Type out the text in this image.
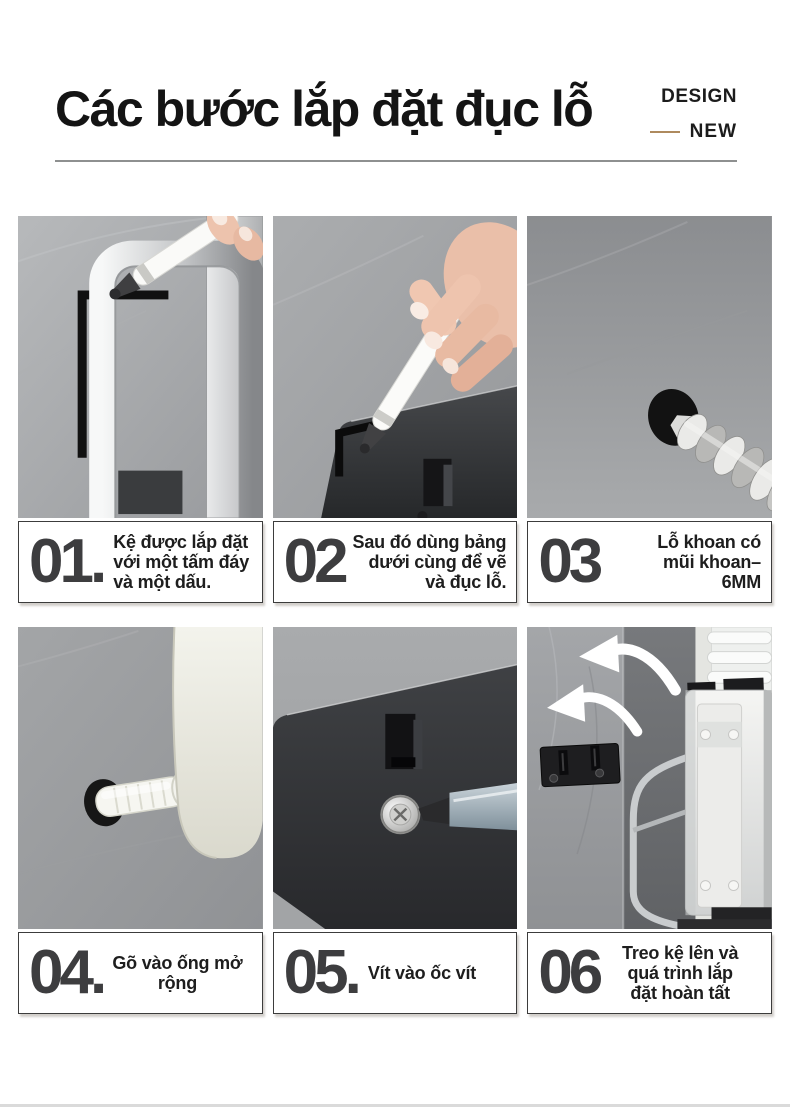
Các bước lắp đặt đục lỗ	DESIGN
NEW
01. Kệ được lắp đặt
với một tấm đáy
và một dấu.	02 Sau đó dùng bảng
dưới cùng để vẽ
và đục lỗ. 03	Lỗ khoan có
mũi khoan–
6MM
04. Gõ vào ống mở
rộng	05. Vít vào ốc vít	06	Treo kệ lên và
quá trình lắp
đặt hoàn tất
